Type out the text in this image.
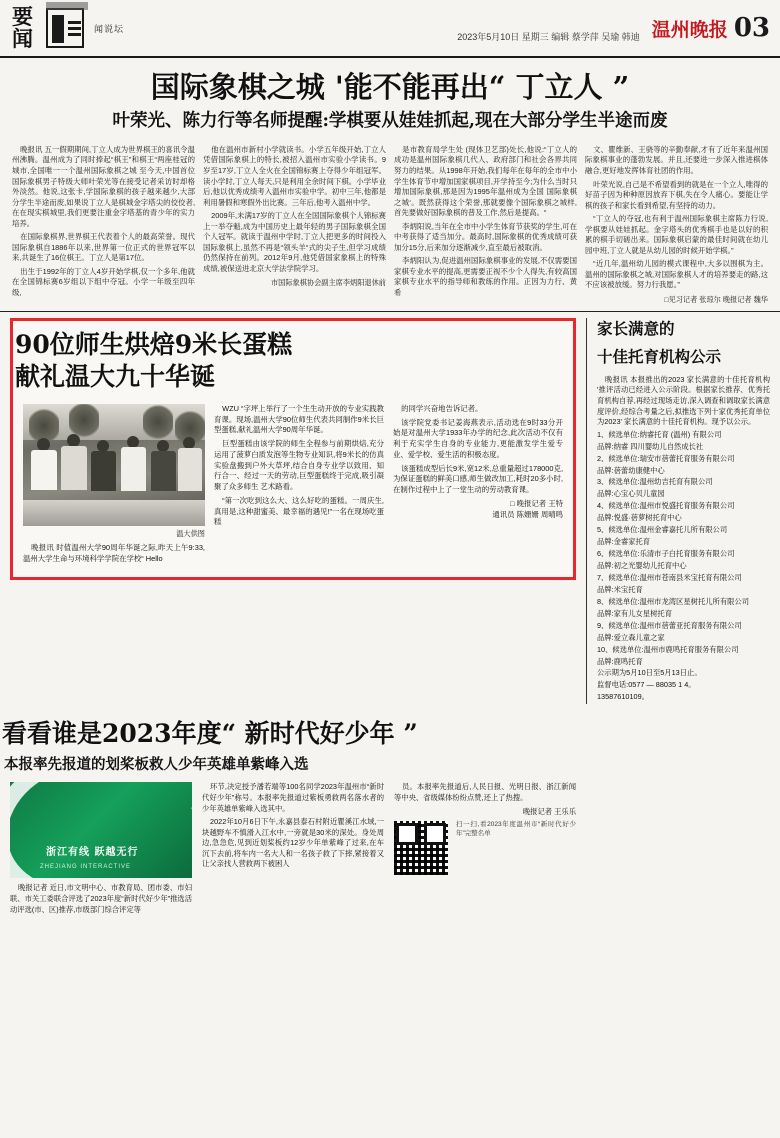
要闻	闻说坛
2023年5月10日 星期三 编辑 蔡学萍 吴瑜 韩迪 温州晚报 03
国际象棋之城 '能不能再出“ 丁立人 ”
叶荣光、陈力行等名师提醒:学棋要从娃娃抓起,现在大部分学生半途而废

晚报讯 五一假期期间,丁立人成为世界棋王的喜讯令温州沸腾。温州成为了同时捧起“棋王”和棋王“两座桂冠的城市,全国唯一一个温州国际象棋之城 至今天,中国首位国际象棋男子特级大师叶荣光等在接受记者采访时却格外淡然。他说,这张卡,学国际象棋的孩子越来越少,大部分学生半途而废,如果说丁立人是棋城金字塔尖的佼佼者,在在现实棋城里,我们更要注重金字塔基的青少年的实力培养。

在国际象棋界,世界棋王代表着个人的最高荣誉。现代国际象棋自1886年以来,世界第一位正式的世界冠军以来,共诞生了16位棋王。丁立人是第17位。

出生于1992年的丁立人4岁开始学棋,仅一个多年,他就在全国锦标赛6岁组以下组中夺冠。小学一年级至四年级,

他在温州市新村小学就读书。小学五年级开始,丁立人凭借国际象棋上的特长,被招入温州市实验小学读书。9岁至17岁,丁立人全火在全国锦标赛上夺得少年组冠军。读小学时,丁立人每天,只是利用全余时间下棋。小学毕业后,他以优秀成绩考入温州市实验中学。初中三年,他都是利用暑假和寒假外出比赛。三年后,他考入温州中学。

2009年,未满17岁的丁立人在全国国际象棋个人锦标赛上一举夺魁,成为中国历史上最年轻的男子国际象棋全国个人冠军。就读于温州中学时,丁立人把更多的时间投入国际象棋上,虽然不再是“领头羊“式的尖子生,但学习成绩仍然保持在前列。2012年9月,他凭借国家象棋上的特殊成绩,被保送进北京大学法学院学习。

市国际象棋协会副主席李炳阳退休前

是市教育局学生处 (现体卫艺部)处长,他说:“丁立人的成功是温州国际象棋几代人、政府部门和社会各界共同努力的结果。从1998年开始,我们每年在每年的全市中小学生体育节中增加国家棋项目,开学持至今;为什么当时只增加国际象棋,那是因为1995年温州成为全国 国际象棋之城‘。既然获得这个荣誉,那就要像个国际象棋之城样,首先要做好国际象棋的普及工作,然后是提高。“

李炳阳说,当年在全市中小学生体育节获奖的学生,可在中考获得了适当加分。最高时,国际象棋的优秀成绩可获加分15分,后来加分逐渐减少,直至最后被取消。

李炳阳认为,促进温州国际象棋事业的发展,不仅需要国家棋专业水平的提高,更需要正视不少个人得失,有较高国家棋专业水平的指导师和教练的作用。正因为力行、黄希

文、瞿维新、王骁等的辛勤奉献,才有了近年来温州国际象棋事业的蓬勃发展。并且,还要进一步深入推进棋体融合,更好地发挥体育社团的作用。

叶荣光说,自己是不希望看到的就是在一个立人,唯得的好苗子因为种种原因放弃下棋,失在令人痛心。要能让学棋的孩子和家长看到希望,有坚持的动力。

“丁立人的夺冠,也有利于温州国际象棋主席陈力行说,学棋要从娃娃抓起。金字塔头的优秀棋手也是以好的积累的棋手切磋出来。国际象棋启蒙的最佳时间就在幼儿园中班,丁立人就是从幼儿园的时候开始学棋。”

“近几年,温州幼儿园的模式课程中,大多以围棋为主。温州的国际象棋之城,对国际象棋人才的培养要走的路,这不应该被放缓。努力行我愿。”

□见习记者 张琼尔 晚报记者 魏华
90位师生烘焙9米长蛋糕
献礼温大九十华诞
温大供图

晚报讯 时值温州大学90周年华诞之际,昨天上午9:33,温州大学生命与环境科学学院在学校“ Hello

WZU “字坪上举行了一个生生动开放的专业实践教育课。现场,温州大学90位师生代表共同制作9米长巨型蛋糕,献礼温州大学90周年华诞。

巨型蛋糕由该学院的师生全程参与前期烘焙,充分运用了菠萝白质发泡等生物专业知识,将9米长的仿真实验盘搬到户外大草坪,结合自身专业学以致用、知行合一、经过一天的劳动,巨型蛋糕终于完成,吸引凝聚了众多师生 艺术路看。

“第一次吃到这么大、这么好吃的蛋糕。一周庆生,真用是,这种甜蜜美、最幸福的遇见!”一名在现场吃蛋糕

的同学兴奋地告诉记者。

该学院党委书记姜海燕表示,活动选在9时33分开始是对温州大学1933年办学的纪念,此次活动不仅有利于充实学生自身的专业能力,更能激发学生爱专业、爱学校、爱生活的积极态度。

该蛋糕成型后长9米,宽12米,总重量超过178000克,为保证蛋糕的鲜美口感,师生做改加工,耗时20多小时,在制作过程中上了一堂生动的劳动教育课。

□ 晚报记者 王特
通讯员 陈姗姗 周晴鸣
家长满意的
十佳托育机构公示

晚报讯 本报推出的2023 家长满意的十佳托育机构 '推评活动已经进入公示阶段。根据家长推荐、优秀托育机构自荐,再经过现场走访,深入调查和调取家长满意度评价,经综合考量之后,拟推选下列十家优秀托育单位为2023' 家长满意的十佳托育机构。现予以公示。

1、候选单位:纳睿托育 (温州) 有限公司
品牌:纳睿 四川婴幼儿自然成长社
2、候选单位:瑞安市蓓蕾托育服务有限公司
品牌:蓓蕾幼康健中心
3、候选单位:温州幼吉托育有限公司
品牌:心宝心贝儿童园
4、候选单位:温州市悦盛托育服务有限公司
品牌:悦盛·蓓萝树托育中心
5、候选单位:温州金睿嘉托儿所有限公司
品牌:金睿家托育
6、候选单位:乐清市子白托育服务有限公司
品牌:初之光婴幼儿托育中心
7、候选单位:温州市苍南县米宝托育有限公司
品牌:米宝托育
8、候选单位:温州市龙湾区星树托儿所有限公司
品牌:家有儿女星树托育
9、候选单位:温州市蓓蕾亚托育服务有限公司
品牌:爱立森儿童之家
10、候选单位:温州市鹿鸣托育服务有限公司
品牌:鹿鸣托育
公示期为5月10日至5月13日止。
监督电话:0577 — 88035 1 4。
13587610109。
看看谁是2023年度“ 新时代好少年 ”
本报率先报道的划桨板救人少年英雄单紫峰入选
浙江有线 跃越无行
ZHEJIANG INTERACTIVE

晚报记者 近日,市文明中心、市教育局、团市委、市妇联、市关工委联合评选了2023年度“新时代好少年”推选活动评选(市、区)推荐,市级部门综合评定等

环节,决定授予潘若端等100名同学2023年温州市“新时代好少年”称号。本报率先报道过紫板勇救两名落水者的少年英雄单紫峰入选其中。

2022年10月6日下午,永嘉县泰石村附近瞿溪江水域,一块越野车不慎滑入江水中,一旁就是30米的深处。身处周边,急急危,见到近划桨板约12岁少年单紫峰了过来,在车沉下去前,将车内一名大人和一名孩子救了下摔,紧接着又让父亲找人营救两下被困人

员。本报率先报道后,人民日报、光明日报、浙江新闻等中央、省级媒体纷纷点赞,还上了热搜。

晚报记者 王乐乐
扫一扫,看2023年度温州市“新时代好少年”完整名单
